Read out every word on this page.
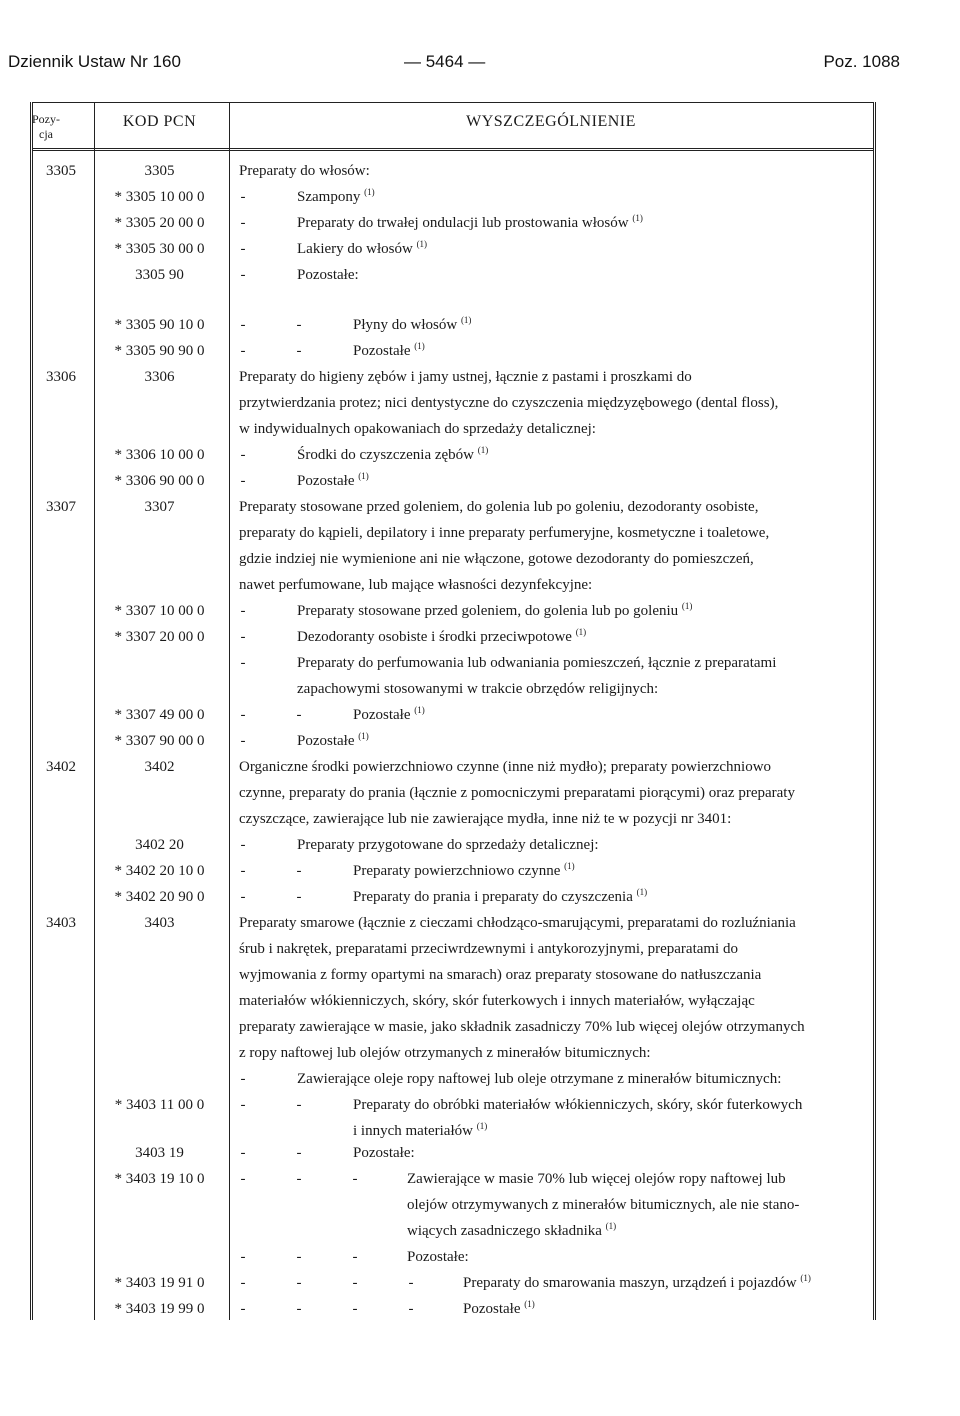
Dziennik Ustaw Nr 160	— 5464 —	Poz. 1088
Pozy-
cja
KOD PCN	WYSZCZEGÓLNIENIE
3305	3305	Preparaty do włosów:
* 3305 10 00 0	-	Szampony $^{(1)}$
* 3305 20 00 0	-	Preparaty do trwałej ondulacji lub prostowania włosów $^{(1)}$
* 3305 30 00 0	-	Lakiery do włosów $^{(1)}$
3305 90	-	Pozostałe:
* 3305 90 10 0	-	-	Płyny do włosów $^{(1)}$
* 3305 90 90 0	-	-	Pozostałe $^{(1)}$
3306	3306	Preparaty do higieny zębów i jamy ustnej, łącznie z pastami i proszkami do
przytwierdzania protez; nici dentystyczne do czyszczenia międzyzębowego (dental floss),
w indywidualnych opakowaniach do sprzedaży detalicznej:
* 3306 10 00 0	-	Środki do czyszczenia zębów $^{(1)}$
* 3306 90 00 0	-	Pozostałe $^{(1)}$
3307	3307	Preparaty stosowane przed goleniem, do golenia lub po goleniu, dezodoranty osobiste,
preparaty do kąpieli, depilatory i inne preparaty perfumeryjne, kosmetyczne i toaletowe,
gdzie indziej nie wymienione ani nie włączone, gotowe dezodoranty do pomieszczeń,
nawet perfumowane, lub mające własności dezynfekcyjne:
* 3307 10 00 0	-	Preparaty stosowane przed goleniem, do golenia lub po goleniu $^{(1)}$
* 3307 20 00 0	-	Dezodoranty osobiste i środki przeciwpotowe $^{(1)}$
-	Preparaty do perfumowania lub odwaniania pomieszczeń, łącznie z preparatami
zapachowymi stosowanymi w trakcie obrzędów religijnych:
* 3307 49 00 0	-	-	Pozostałe $^{(1)}$
* 3307 90 00 0	-	Pozostałe $^{(1)}$
3402	3402	Organiczne środki powierzchniowo czynne (inne niż mydło); preparaty powierzchniowo
czynne, preparaty do prania (łącznie z pomocniczymi preparatami piorącymi) oraz preparaty
czyszczące, zawierające lub nie zawierające mydła, inne niż te w pozycji nr 3401:
3402 20	-	Preparaty przygotowane do sprzedaży detalicznej:
* 3402 20 10 0	-	-	Preparaty powierzchniowo czynne $^{(1)}$
* 3402 20 90 0	-	-	Preparaty do prania i preparaty do czyszczenia $^{(1)}$
3403	3403	Preparaty smarowe (łącznie z cieczami chłodząco-smarującymi, preparatami do rozluźniania
śrub i nakrętek, preparatami przeciwrdzewnymi i antykorozyjnymi, preparatami do
wyjmowania z formy opartymi na smarach) oraz preparaty stosowane do natłuszczania
materiałów włókienniczych, skóry, skór futerkowych i innych materiałów, wyłączając
preparaty zawierające w masie, jako składnik zasadniczy 70% lub więcej olejów otrzymanych
z ropy naftowej lub olejów otrzymanych z minerałów bitumicznych:
-	Zawierające oleje ropy naftowej lub oleje otrzymane z minerałów bitumicznych:
* 3403 11 00 0	-	-	Preparaty do obróbki materiałów włókienniczych, skóry, skór futerkowych
i innych materiałów $^{(1)}$
3403 19	-	-	Pozostałe:
* 3403 19 10 0	-	-	-	Zawierające w masie 70% lub więcej olejów ropy naftowej lub
olejów otrzymywanych z minerałów bitumicznych, ale nie stano-
wiących zasadniczego składnika $^{(1)}$
-	-	-	Pozostałe:
* 3403 19 91 0	-	-	-	-	Preparaty do smarowania maszyn, urządzeń i pojazdów $^{(1)}$
* 3403 19 99 0	-	-	-	-	Pozostałe $^{(1)}$
